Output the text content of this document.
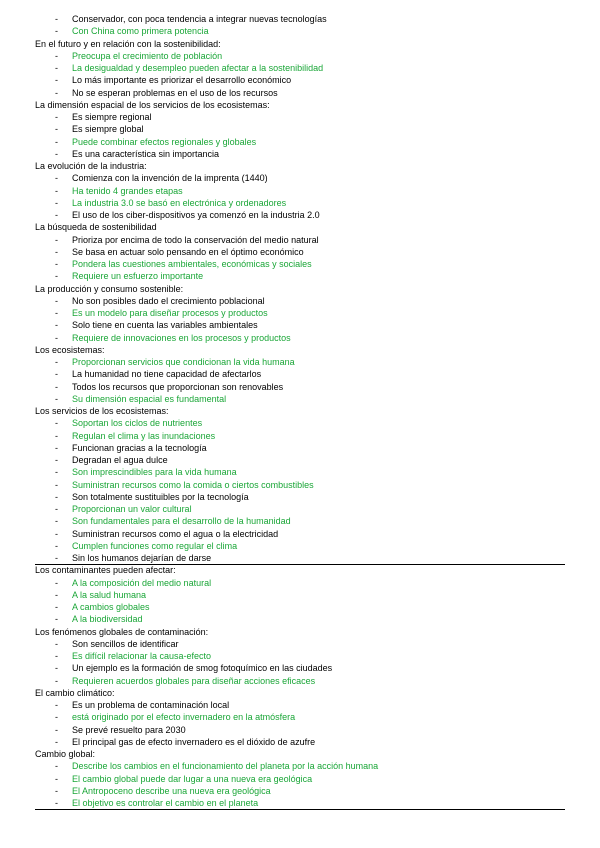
- Conservador, con poca tendencia a integrar nuevas tecnologías
- Con China como primera potencia
En el futuro y en relación con la sostenibilidad:
- Preocupa el crecimiento de población
- La desigualdad y desempleo pueden afectar a la sostenibilidad
- Lo más importante es priorizar el desarrollo económico
- No se esperan problemas en el uso de los recursos
La dimensión espacial de los servicios de los ecosistemas:
- Es siempre regional
- Es siempre global
- Puede combinar efectos regionales y globales
- Es una característica sin importancia
La evolución de la industria:
- Comienza con la invención de la imprenta (1440)
- Ha tenido 4 grandes etapas
- La industria 3.0 se basó en electrónica y ordenadores
- El uso de los ciber-dispositivos ya comenzó en la industria 2.0
La búsqueda de sostenibilidad
- Prioriza por encima de todo la conservación del medio natural
- Se basa en actuar solo pensando en el óptimo económico
- Pondera las cuestiones ambientales, económicas y sociales
- Requiere un esfuerzo importante
La producción y consumo sostenible:
- No son posibles dado el crecimiento poblacional
- Es un modelo para diseñar procesos y productos
- Solo tiene en cuenta las variables ambientales
- Requiere de innovaciones en los procesos y productos
Los ecosistemas:
- Proporcionan servicios que condicionan la vida humana
- La humanidad no tiene capacidad de afectarlos
- Todos los recursos que proporcionan son renovables
- Su dimensión espacial es fundamental
Los servicios de los ecosistemas:
- Soportan los ciclos de nutrientes
- Regulan el clima y las inundaciones
- Funcionan gracias a la tecnología
- Degradan el agua dulce
- Son imprescindibles para la vida humana
- Suministran recursos como la comida o ciertos combustibles
- Son totalmente sustituibles por la tecnología
- Proporcionan un valor cultural
- Son fundamentales para el desarrollo de la humanidad
- Suministran recursos como el agua o la electricidad
- Cumplen funciones como regular el clima
- Sin los humanos dejarían de darse
Los contaminantes pueden afectar:
- A la composición del medio natural
- A la salud humana
- A cambios globales
- A la biodiversidad
Los fenómenos globales de contaminación:
- Son sencillos de identificar
- Es difícil relacionar la causa-efecto
- Un ejemplo es la formación de smog fotoquímico en las ciudades
- Requieren acuerdos globales para diseñar acciones eficaces
El cambio climático:
- Es un problema de contaminación local
- está originado por el efecto invernadero en la atmósfera
- Se prevé resuelto para 2030
- El principal gas de efecto invernadero es el dióxido de azufre
Cambio global:
- Describe los cambios en el funcionamiento del planeta por la acción humana
- El cambio global puede dar lugar a una nueva era geológica
- El Antropoceno describe una nueva era geológica
- El objetivo es controlar el cambio en el planeta
